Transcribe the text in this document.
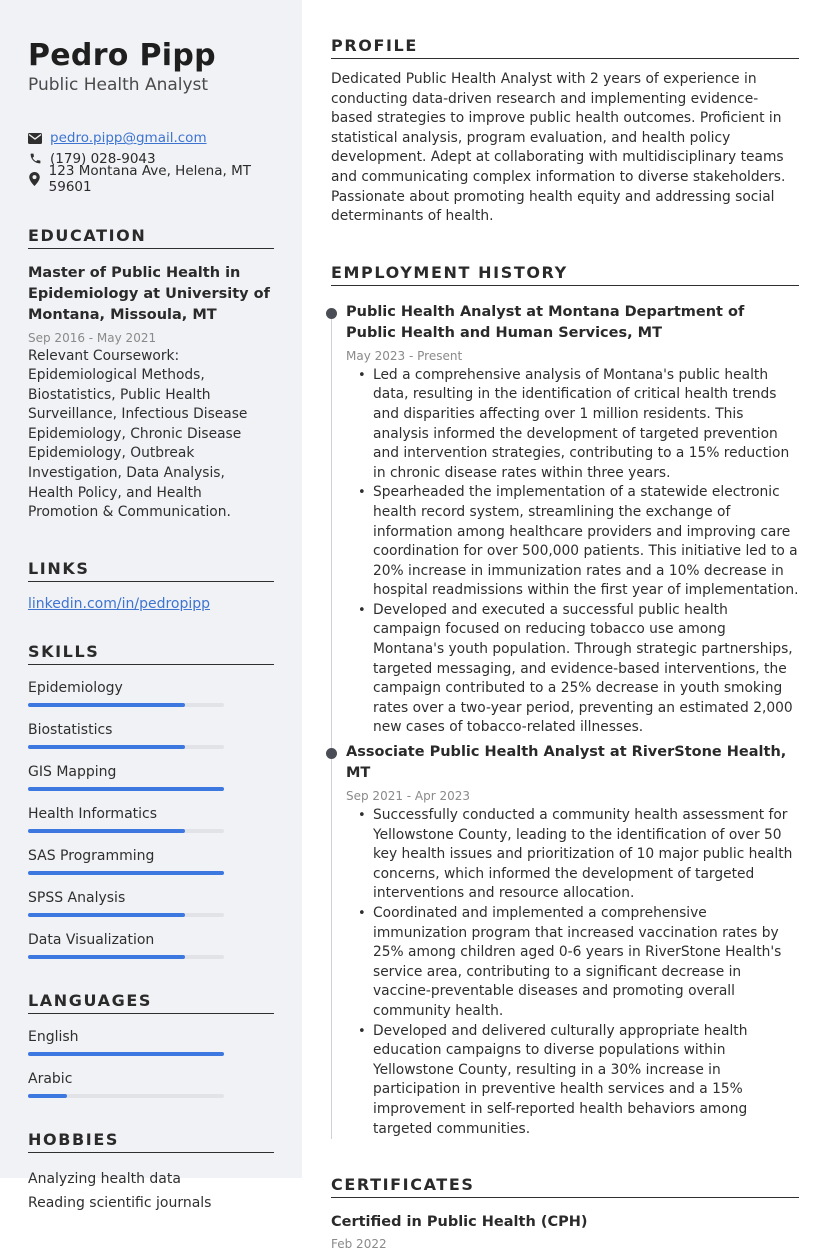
Pedro Pipp
Public Health Analyst
pedro.pipp@gmail.com
(179) 028-9043
123 Montana Ave, Helena, MT 59601
EDUCATION
Master of Public Health in Epidemiology at University of Montana, Missoula, MT
Sep 2016 - May 2021
Relevant Coursework: Epidemiological Methods, Biostatistics, Public Health Surveillance, Infectious Disease Epidemiology, Chronic Disease Epidemiology, Outbreak Investigation, Data Analysis, Health Policy, and Health Promotion & Communication.
LINKS
linkedin.com/in/pedropipp
SKILLS
Epidemiology
Biostatistics
GIS Mapping
Health Informatics
SAS Programming
SPSS Analysis
Data Visualization
LANGUAGES
English
Arabic
HOBBIES
Analyzing health data
Reading scientific journals
PROFILE
Dedicated Public Health Analyst with 2 years of experience in conducting data-driven research and implementing evidence-based strategies to improve public health outcomes. Proficient in statistical analysis, program evaluation, and health policy development. Adept at collaborating with multidisciplinary teams and communicating complex information to diverse stakeholders. Passionate about promoting health equity and addressing social determinants of health.
EMPLOYMENT HISTORY
Public Health Analyst at Montana Department of Public Health and Human Services, MT
May 2023 - Present
• Led a comprehensive analysis of Montana's public health data, resulting in the identification of critical health trends and disparities affecting over 1 million residents. This analysis informed the development of targeted prevention and intervention strategies, contributing to a 15% reduction in chronic disease rates within three years.
• Spearheaded the implementation of a statewide electronic health record system, streamlining the exchange of information among healthcare providers and improving care coordination for over 500,000 patients. This initiative led to a 20% increase in immunization rates and a 10% decrease in hospital readmissions within the first year of implementation.
• Developed and executed a successful public health campaign focused on reducing tobacco use among Montana's youth population. Through strategic partnerships, targeted messaging, and evidence-based interventions, the campaign contributed to a 25% decrease in youth smoking rates over a two-year period, preventing an estimated 2,000 new cases of tobacco-related illnesses.
Associate Public Health Analyst at RiverStone Health, MT
Sep 2021 - Apr 2023
• Successfully conducted a community health assessment for Yellowstone County, leading to the identification of over 50 key health issues and prioritization of 10 major public health concerns, which informed the development of targeted interventions and resource allocation.
• Coordinated and implemented a comprehensive immunization program that increased vaccination rates by 25% among children aged 0-6 years in RiverStone Health's service area, contributing to a significant decrease in vaccine-preventable diseases and promoting overall community health.
• Developed and delivered culturally appropriate health education campaigns to diverse populations within Yellowstone County, resulting in a 30% increase in participation in preventive health services and a 15% improvement in self-reported health behaviors among targeted communities.
CERTIFICATES
Certified in Public Health (CPH)
Feb 2022
